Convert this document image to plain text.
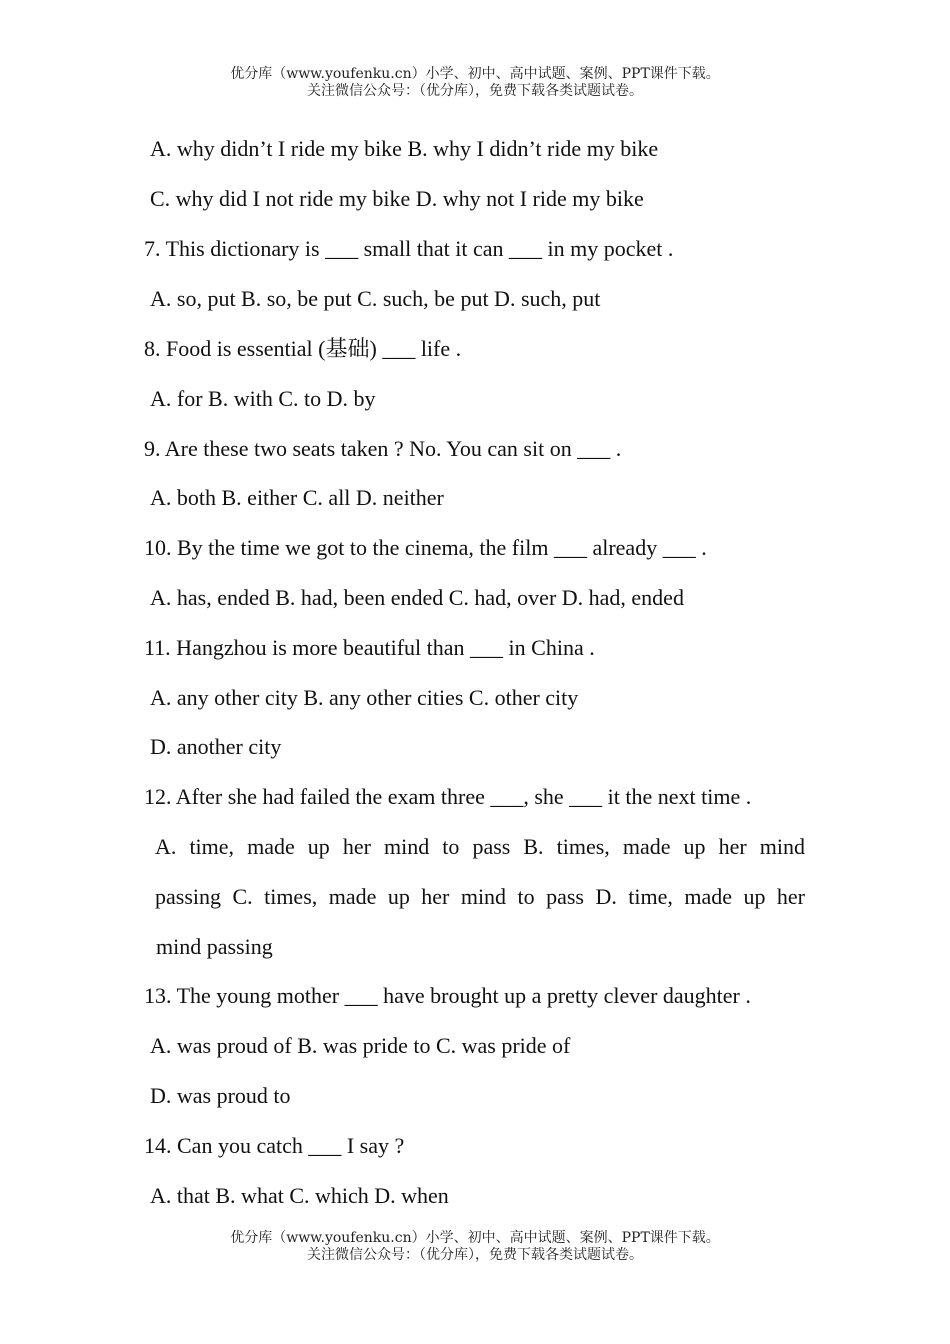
优分库（www.youfenku.cn）小学、初中、高中试题、案例、PPT课件下载。
关注微信公众号：（优分库），免费下载各类试题试卷。
A. why didn’t I ride my bike B. why I didn’t ride my bike
C. why did I not ride my bike D. why not I ride my bike
7. This dictionary is ___ small that it can ___ in my pocket .
A. so, put B. so, be put C. such, be put D. such, put
8. Food is essential (基础) ___ life .
A. for B. with C. to D. by
9. Are these two seats taken ? No. You can sit on ___ .
A. both B. either C. all D. neither
10. By the time we got to the cinema, the film ___ already ___ .
A. has, ended B. had, been ended C. had, over D. had, ended
11. Hangzhou is more beautiful than ___ in China .
A. any other city B. any other cities C. other city
D. another city
12. After she had failed the exam three ___, she ___ it the next time .
A. time, made up her mind to pass B. times, made up her mind
passing C. times, made up her mind to pass D. time, made up her
mind passing
13. The young mother ___ have brought up a pretty clever daughter .
A. was proud of B. was pride to C. was pride of
D. was proud to
14. Can you catch ___ I say ?
A. that B. what C. which D. when
优分库（www.youfenku.cn）小学、初中、高中试题、案例、PPT课件下载。
关注微信公众号：（优分库），免费下载各类试题试卷。
